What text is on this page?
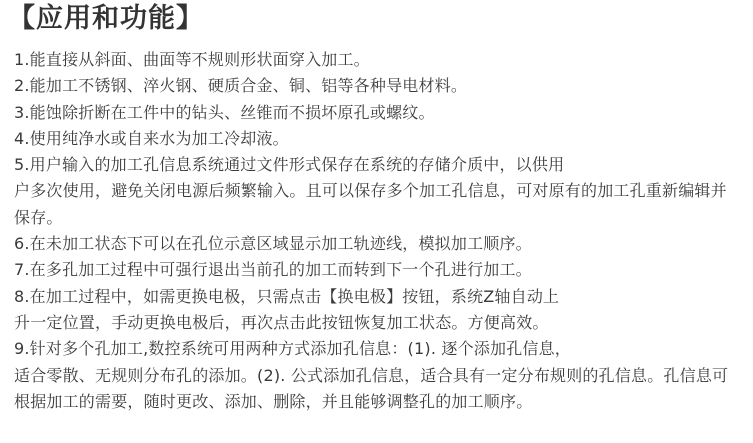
【应用和功能】
1.能直接从斜面、曲面等不规则形状面穿入加工。
2.能加工不锈钢、淬火钢、硬质合金、铜、铝等各种导电材料。
3.能蚀除折断在工件中的钻头、丝锥而不损坏原孔或螺纹。
4.使用纯净水或自来水为加工冷却液。
5.用户输入的加工孔信息系统通过文件形式保存在系统的存储介质中，以供用
户多次使用，避免关闭电源后频繁输入。且可以保存多个加工孔信息，可对原有的加工孔重新编辑并
保存。
6.在未加工状态下可以在孔位示意区域显示加工轨迹线，模拟加工顺序。
7.在多孔加工过程中可强行退出当前孔的加工而转到下一个孔进行加工。
8.在加工过程中，如需更换电极，只需点击【换电极】按钮，系统Z轴自动上
升一定位置，手动更换电极后，再次点击此按钮恢复加工状态。方便高效。
9.针对多个孔加工,数控系统可用两种方式添加孔信息：(1). 逐个添加孔信息，
适合零散、无规则分布孔的添加。(2). 公式添加孔信息，适合具有一定分布规则的孔信息。孔信息可
根据加工的需要，随时更改、添加、删除，并且能够调整孔的加工顺序。
